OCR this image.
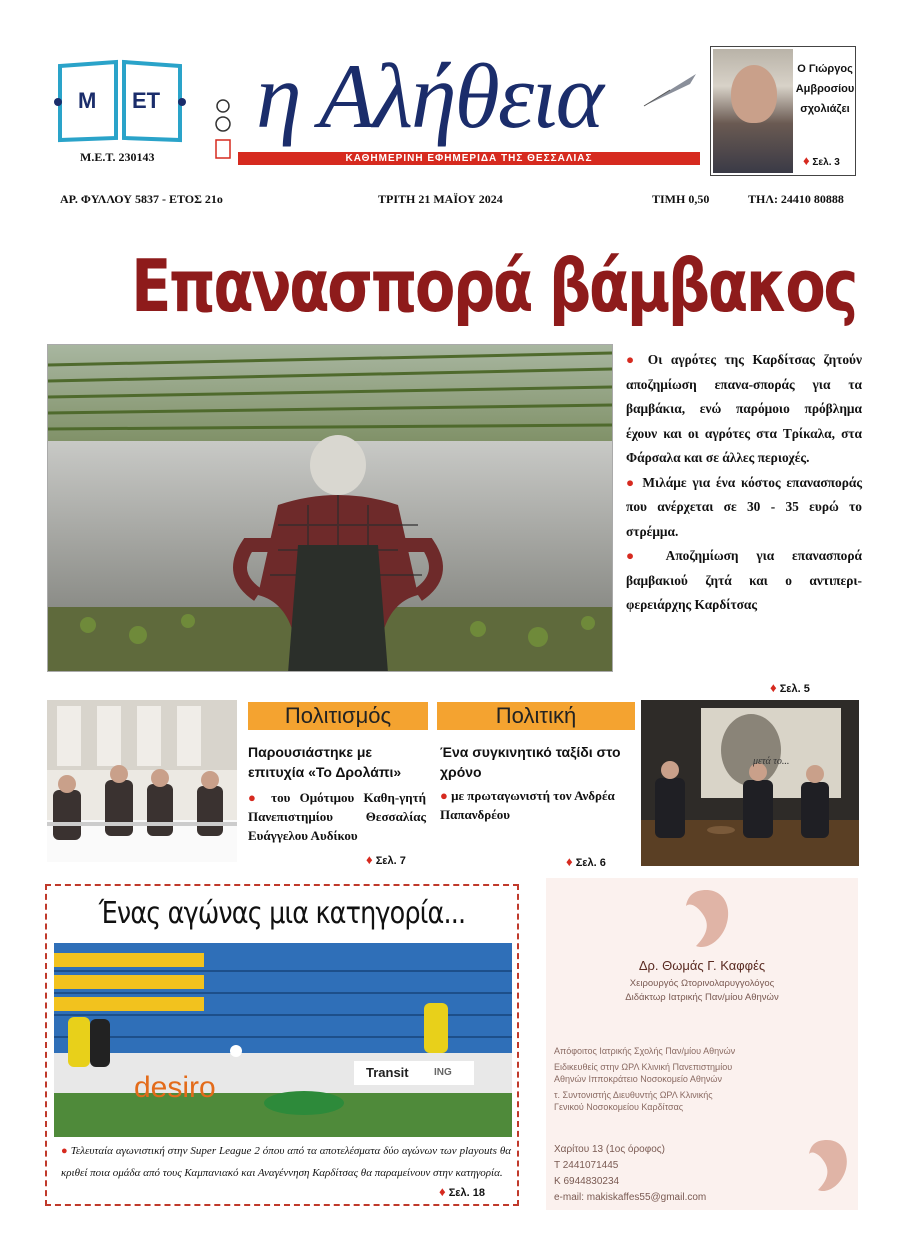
Μ ΕΤ
Μ.Ε.Τ. 230143
η Αλήθεια
ΚΑΘΗΜΕΡΙΝΗ ΕΦΗΜΕΡΙΔΑ ΤΗΣ ΘΕΣΣΑΛΙΑΣ
Ο Γιώργος
Αμβροσίου
σχολιάζει
♦ Σελ. 3
ΑΡ. ΦΥΛΛΟΥ 5837 - ΕΤΟΣ 21ο	ΤΡΙΤΗ 21 ΜΑΪΟΥ 2024	ΤΙΜΗ 0,50	ΤΗΛ: 24410 80888
Επανασπορά βάμβακος

● Οι αγρότες της Καρδίτσας ζητούν αποζημίωση επανα-σποράς για τα βαμβάκια, ενώ παρόμοιο πρόβλημα έχουν και οι αγρότες στα Τρίκαλα, στα Φάρσαλα και σε άλλες περιοχές.

● Μιλάμε για ένα κόστος επανασποράς που ανέρχεται σε 30 - 35 ευρώ το στρέμμα.

● Αποζημίωση για επανασπορά βαμβακιού ζητά και ο αντιπερι-φερειάρχης Καρδίτσας

♦ Σελ. 5
Πολιτισμός
Παρουσιάστηκε με επιτυχία «Το Δρολάπι»
● του Ομότιμου Καθη-γητή Πανεπιστημίου Θεσσαλίας Ευάγγελου Αυδίκου
♦ Σελ. 7
Πολιτική
Ένα συγκινητικό ταξίδι στο χρόνο
● με πρωταγωνιστή τον Ανδρέα Παπανδρέου
♦ Σελ. 6
μετά το...
Ένας αγώνας μια κατηγορία...
Transit
desiro	ING
● Τελευταία αγωνιστική στην Super League 2 όπου από τα αποτελέσματα δύο αγώνων των playouts θα κριθεί ποια ομάδα από τους Καμπανιακό και Αναγέννηση Καρδίτσας θα παραμείνουν στην κατηγορία.
♦ Σελ. 18
Δρ. Θωμάς Γ. Καφφές
Χειρουργός Ωτορινολαρυγγολόγος
Διδάκτωρ Ιατρικής Παν/μίου Αθηνών
Απόφοιτος Ιατρικής Σχολής Παν/μίου Αθηνών
Ειδικευθείς στην ΩΡΛ Κλινική Πανεπιστημίου
Αθηνών Ιπποκράτειο Νοσοκομείο Αθηνών
τ. Συντονιστής Διευθυντής ΩΡΛ Κλινικής
Γενικού Νοσοκομείου Καρδίτσας
Χαρίτου 13 (1ος όροφος)
Τ 2441071445
Κ 6944830234
e-mail: makiskaffes55@gmail.com
